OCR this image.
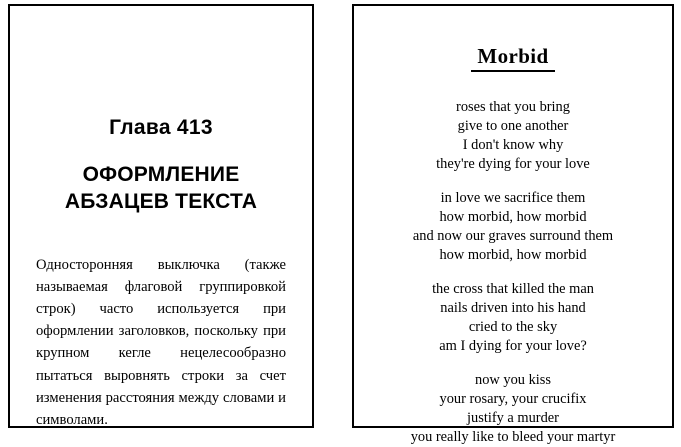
Глава 413
ОФОРМЛЕНИЕ
АБЗАЦЕВ ТЕКСТА

Односторонняя выключка (также называемая флаговой группировкой строк) часто используется при оформлении заголовков, поскольку при крупном кегле нецелесообразно пытаться выровнять строки за счет изменения расстояния между словами и символами.

Morbid
roses that you bring
give to one another
I don't know why
they're dying for your love
in love we sacrifice them
how morbid, how morbid
and now our graves surround them
how morbid, how morbid
the cross that killed the man
nails driven into his hand
cried to the sky
am I dying for your love?
now you kiss
your rosary, your crucifix
justify a murder
you really like to bleed your martyr
